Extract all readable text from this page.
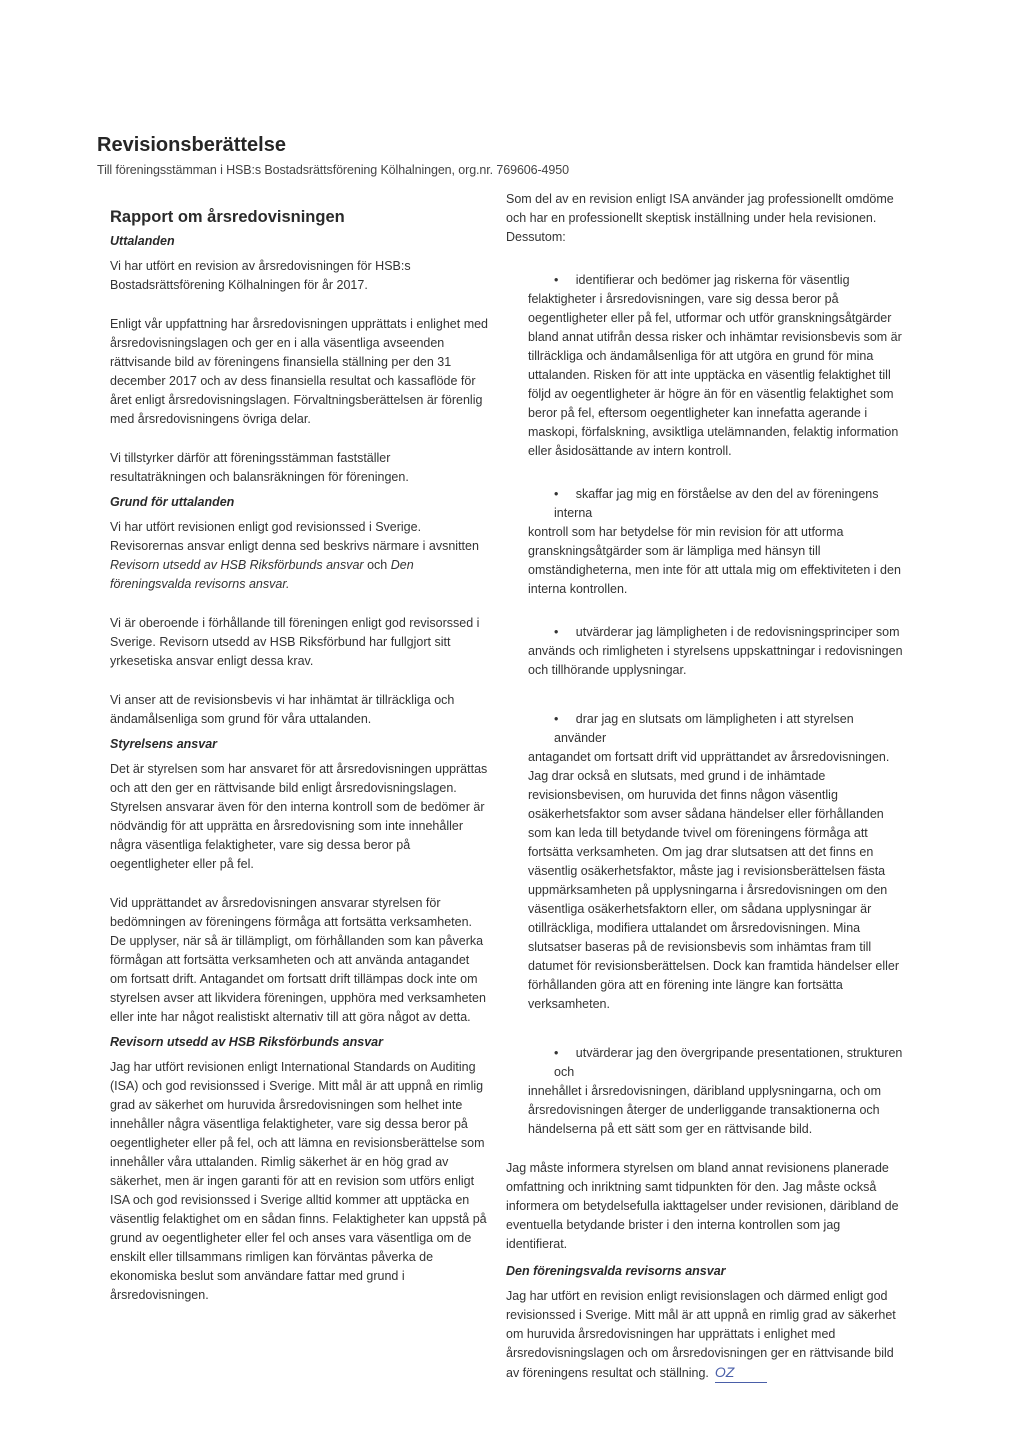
Revisionsberättelse
Till föreningsstämman i HSB:s Bostadsrättsförening Kölhalningen, org.nr. 769606-4950
Rapport om årsredovisningen
Uttalanden

Vi har utfört en revision av årsredovisningen för HSB:s Bostadsrättsförening Kölhalningen för år 2017.

Enligt vår uppfattning har årsredovisningen upprättats i enlighet med årsredovisningslagen och ger en i alla väsentliga avseenden rättvisande bild av föreningens finansiella ställning per den 31 december 2017 och av dess finansiella resultat och kassaflöde för året enligt årsredovisningslagen. Förvaltningsberättelsen är förenlig med årsredovisningens övriga delar.

Vi tillstyrker därför att föreningsstämman fastställer resultaträkningen och balansräkningen för föreningen.

Grund för uttalanden

Vi har utfört revisionen enligt god revisionssed i Sverige. Revisorernas ansvar enligt denna sed beskrivs närmare i avsnitten Revisorn utsedd av HSB Riksförbunds ansvar och Den föreningsvalda revisorns ansvar.

Vi är oberoende i förhållande till föreningen enligt god revisorssed i Sverige. Revisorn utsedd av HSB Riksförbund har fullgjort sitt yrkesetiska ansvar enligt dessa krav.

Vi anser att de revisionsbevis vi har inhämtat är tillräckliga och ändamålsenliga som grund för våra uttalanden.

Styrelsens ansvar

Det är styrelsen som har ansvaret för att årsredovisningen upprättas och att den ger en rättvisande bild enligt årsredovisningslagen. Styrelsen ansvarar även för den interna kontroll som de bedömer är nödvändig för att upprätta en årsredovisning som inte innehåller några väsentliga felaktigheter, vare sig dessa beror på oegentligheter eller på fel.

Vid upprättandet av årsredovisningen ansvarar styrelsen för bedömningen av föreningens förmåga att fortsätta verksamheten. De upplyser, när så är tillämpligt, om förhållanden som kan påverka förmågan att fortsätta verksamheten och att använda antagandet om fortsatt drift. Antagandet om fortsatt drift tillämpas dock inte om styrelsen avser att likvidera föreningen, upphöra med verksamheten eller inte har något realistiskt alternativ till att göra något av detta.

Revisorn utsedd av HSB Riksförbunds ansvar

Jag har utfört revisionen enligt International Standards on Auditing (ISA) och god revisionssed i Sverige. Mitt mål är att uppnå en rimlig grad av säkerhet om huruvida årsredovisningen som helhet inte innehåller några väsentliga felaktigheter, vare sig dessa beror på oegentligheter eller på fel, och att lämna en revisionsberättelse som innehåller våra uttalanden. Rimlig säkerhet är en hög grad av säkerhet, men är ingen garanti för att en revision som utförs enligt ISA och god revisionssed i Sverige alltid kommer att upptäcka en väsentlig felaktighet om en sådan finns. Felaktigheter kan uppstå på grund av oegentligheter eller fel och anses vara väsentliga om de enskilt eller tillsammans rimligen kan förväntas påverka de ekonomiska beslut som användare fattar med grund i årsredovisningen.

Som del av en revision enligt ISA använder jag professionellt omdöme och har en professionellt skeptisk inställning under hela revisionen. Dessutom:

• identifierar och bedömer jag riskerna för väsentlig
felaktigheter i årsredovisningen, vare sig dessa beror på oegentligheter eller på fel, utformar och utför granskningsåtgärder bland annat utifrån dessa risker och inhämtar revisionsbevis som är tillräckliga och ändamålsenliga för att utgöra en grund för mina uttalanden. Risken för att inte upptäcka en väsentlig felaktighet till följd av oegentligheter är högre än för en väsentlig felaktighet som beror på fel, eftersom oegentligheter kan innefatta agerande i maskopi, förfalskning, avsiktliga utelämnanden, felaktig information eller åsidosättande av intern kontroll.
• skaffar jag mig en förståelse av den del av föreningens interna
kontroll som har betydelse för min revision för att utforma granskningsåtgärder som är lämpliga med hänsyn till omständigheterna, men inte för att uttala mig om effektiviteten i den interna kontrollen.
• utvärderar jag lämpligheten i de redovisningsprinciper som
används och rimligheten i styrelsens uppskattningar i redovisningen och tillhörande upplysningar.
• drar jag en slutsats om lämpligheten i att styrelsen använder
antagandet om fortsatt drift vid upprättandet av årsredovisningen. Jag drar också en slutsats, med grund i de inhämtade revisionsbevisen, om huruvida det finns någon väsentlig osäkerhetsfaktor som avser sådana händelser eller förhållanden som kan leda till betydande tvivel om föreningens förmåga att fortsätta verksamheten. Om jag drar slutsatsen att det finns en väsentlig osäkerhetsfaktor, måste jag i revisionsberättelsen fästa uppmärksamheten på upplysningarna i årsredovisningen om den väsentliga osäkerhetsfaktorn eller, om sådana upplysningar är otillräckliga, modifiera uttalandet om årsredovisningen. Mina slutsatser baseras på de revisionsbevis som inhämtas fram till datumet för revisionsberättelsen. Dock kan framtida händelser eller förhållanden göra att en förening inte längre kan fortsätta verksamheten.
• utvärderar jag den övergripande presentationen, strukturen och
innehållet i årsredovisningen, däribland upplysningarna, och om årsredovisningen återger de underliggande transaktionerna och händelserna på ett sätt som ger en rättvisande bild.

Jag måste informera styrelsen om bland annat revisionens planerade omfattning och inriktning samt tidpunkten för den. Jag måste också informera om betydelsefulla iakttagelser under revisionen, däribland de eventuella betydande brister i den interna kontrollen som jag identifierat.

Den föreningsvalda revisorns ansvar

Jag har utfört en revision enligt revisionslagen och därmed enligt god revisionssed i Sverige. Mitt mål är att uppnå en rimlig grad av säkerhet om huruvida årsredovisningen har upprättats i enlighet med årsredovisningslagen och om årsredovisningen ger en rättvisande bild av föreningens resultat och ställning. OZ
